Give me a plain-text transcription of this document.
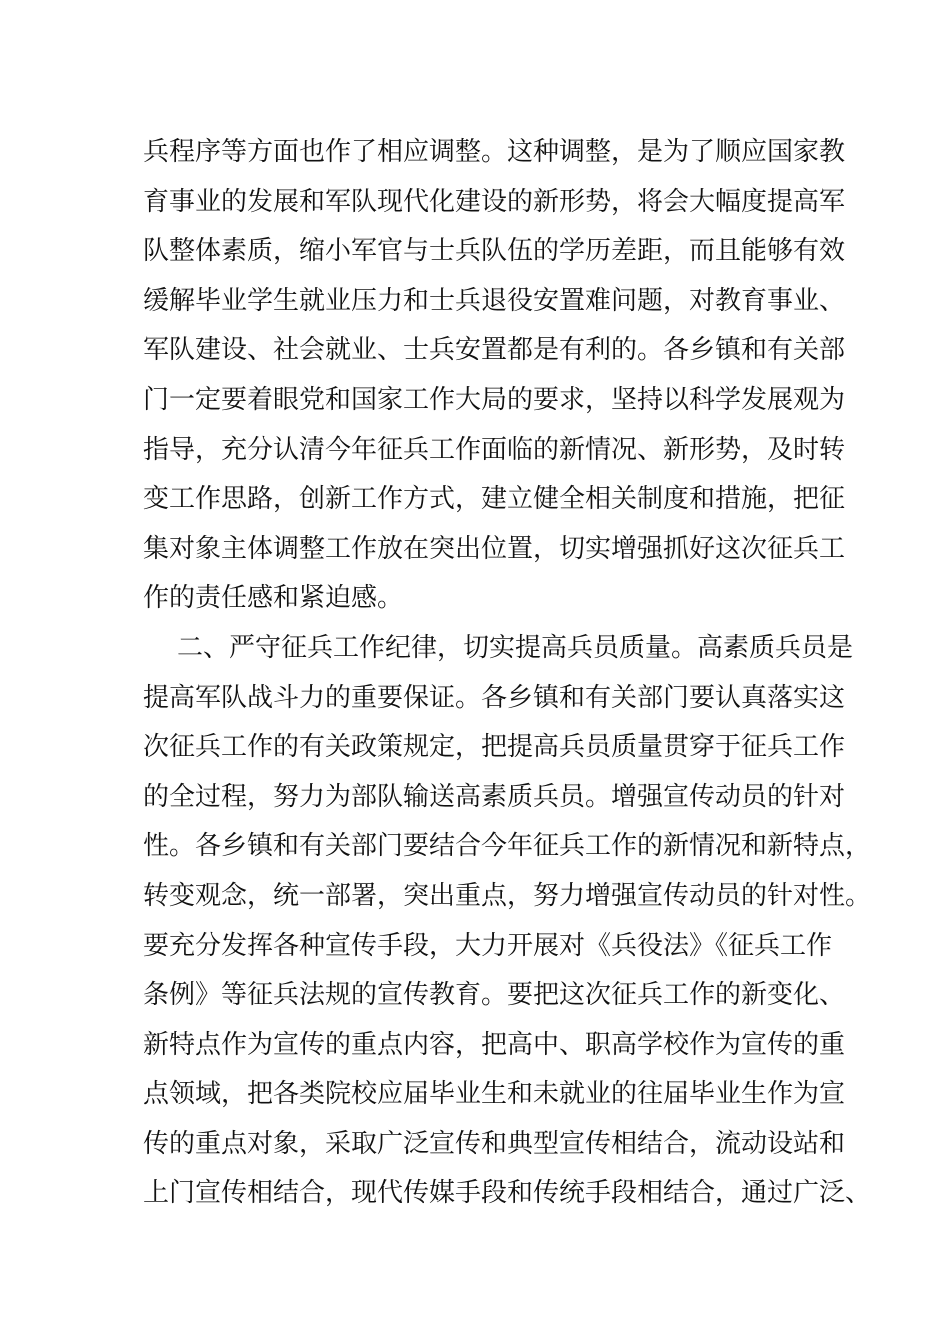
兵程序等方面也作了相应调整。这种调整，是为了顺应国家教
育事业的发展和军队现代化建设的新形势，将会大幅度提高军
队整体素质，缩小军官与士兵队伍的学历差距，而且能够有效
缓解毕业学生就业压力和士兵退役安置难问题，对教育事业、
军队建设、社会就业、士兵安置都是有利的。各乡镇和有关部
门一定要着眼党和国家工作大局的要求，坚持以科学发展观为
指导，充分认清今年征兵工作面临的新情况、新形势，及时转
变工作思路，创新工作方式，建立健全相关制度和措施，把征
集对象主体调整工作放在突出位置，切实增强抓好这次征兵工
作的责任感和紧迫感。
二、严守征兵工作纪律，切实提高兵员质量。高素质兵员是
提高军队战斗力的重要保证。各乡镇和有关部门要认真落实这
次征兵工作的有关政策规定，把提高兵员质量贯穿于征兵工作
的全过程，努力为部队输送高素质兵员。增强宣传动员的针对
性。各乡镇和有关部门要结合今年征兵工作的新情况和新特点，
转变观念，统一部署，突出重点，努力增强宣传动员的针对性。
要充分发挥各种宣传手段，大力开展对《兵役法》《征兵工作
条例》等征兵法规的宣传教育。要把这次征兵工作的新变化、
新特点作为宣传的重点内容，把高中、职高学校作为宣传的重
点领域，把各类院校应届毕业生和未就业的往届毕业生作为宣
传的重点对象，采取广泛宣传和典型宣传相结合，流动设站和
上门宣传相结合，现代传媒手段和传统手段相结合，通过广泛、
